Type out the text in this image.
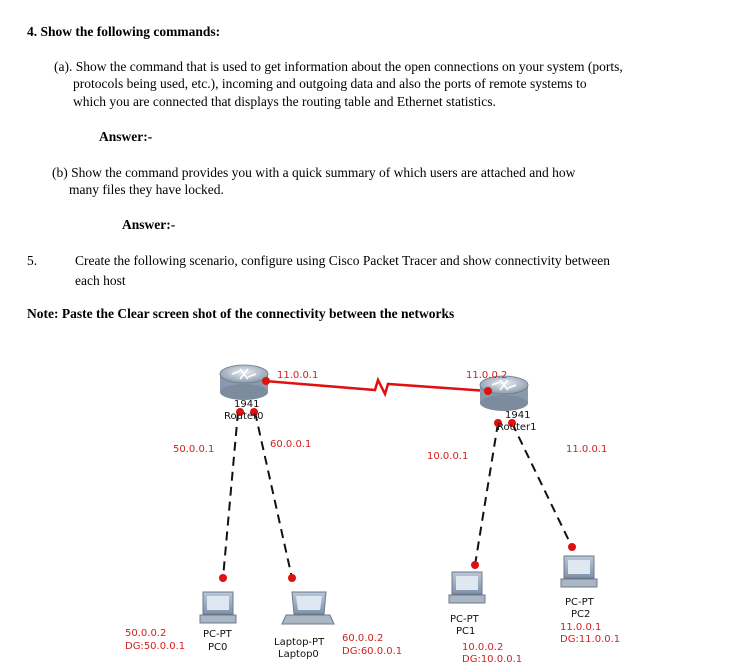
4. Show the following commands:
(a). Show the command that is used to get information about the open connections on your system (ports,
protocols being used, etc.), incoming and outgoing data and also the ports of remote systems to
which you are connected that displays the routing table and Ethernet statistics.
Answer:-
(b) Show the command provides you with a quick summary of which users are attached and how
many files they have locked.
Answer:-
5.	Create the following scenario, configure using Cisco Packet Tracer and show connectivity between
each host
Note: Paste the Clear screen shot of the connectivity between the networks
11.0.0.1	11.0.0.2
1941
Router0	1941
Router1
50.0.0.1	60.0.0.1
10.0.0.1
11.0.0.1
PC-PT
PC2
11.0.0.1
DG:11.0.0.1
PC-PT
PC1
10.0.0.2
DG:10.0.0.1
50.0.0.2
DG:50.0.0.1
PC-PT
PC0	Laptop-PT
Laptop0
60.0.0.2
DG:60.0.0.1
